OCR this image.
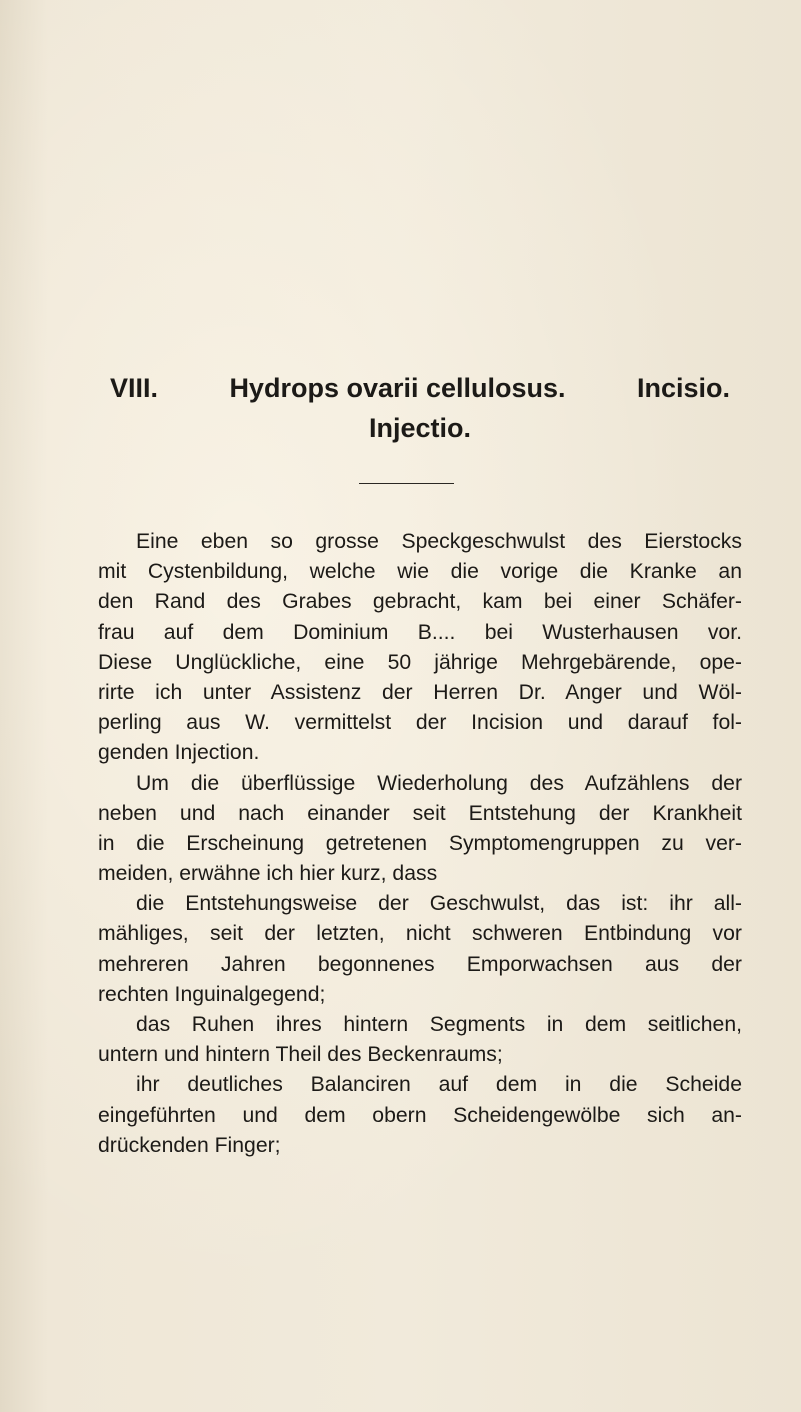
VIII.	Hydrops ovarii cellulosus.	Incisio.
Injectio.
Eine eben so grosse Speckgeschwulst des Eierstocks
mit Cystenbildung, welche wie die vorige die Kranke an
den Rand des Grabes gebracht, kam bei einer Schäfer-
frau auf dem Dominium B.... bei Wusterhausen vor.
Diese Unglückliche, eine 50 jährige Mehrgebärende, ope-
rirte ich unter Assistenz der Herren Dr. Anger und Wöl-
perling aus W. vermittelst der Incision und darauf fol-
genden Injection.
Um die überflüssige Wiederholung des Aufzählens der
neben und nach einander seit Entstehung der Krankheit
in die Erscheinung getretenen Symptomengruppen zu ver-
meiden, erwähne ich hier kurz, dass
die Entstehungsweise der Geschwulst, das ist: ihr all-
mähliges, seit der letzten, nicht schweren Entbindung vor
mehreren Jahren begonnenes Emporwachsen aus der
rechten Inguinalgegend;
das Ruhen ihres hintern Segments in dem seitlichen,
untern und hintern Theil des Beckenraums;
ihr deutliches Balanciren auf dem in die Scheide
eingeführten und dem obern Scheidengewölbe sich an-
drückenden Finger;
